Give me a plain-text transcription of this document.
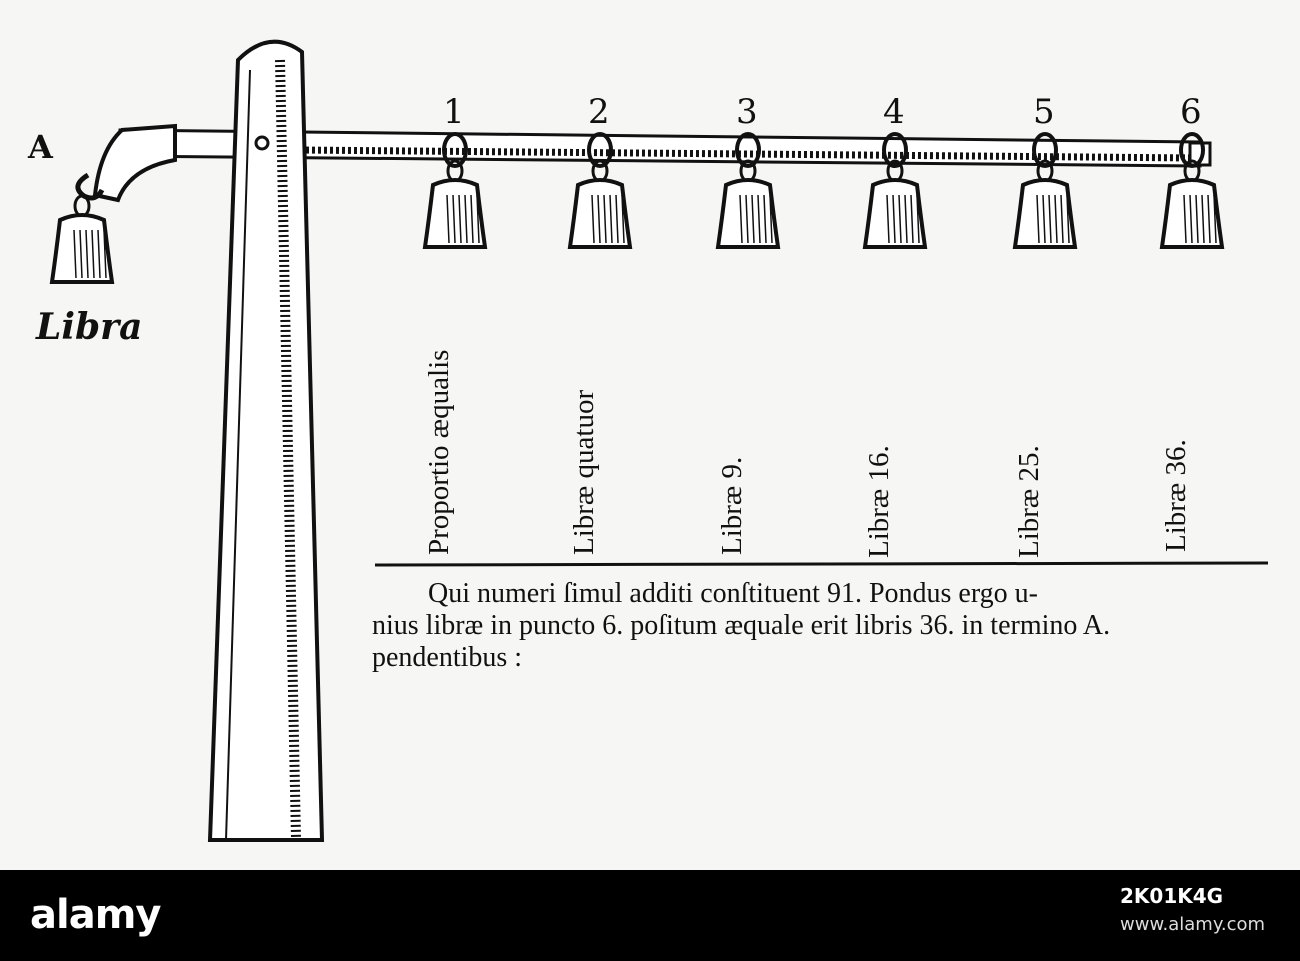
A
Libra
1	2	3	4	5	6
Proportio æqualis	Libræ quatuor	Libræ 9.	Libræ 16.	Libræ 25.	Libræ 36.
Qui numeri ſimul additi conſtituent 91. Pondus ergo u-
nius libræ in puncto 6. poſitum æquale erit libris 36. in termino A.
pendentibus :
alamy	2K01K4G
www.alamy.com
